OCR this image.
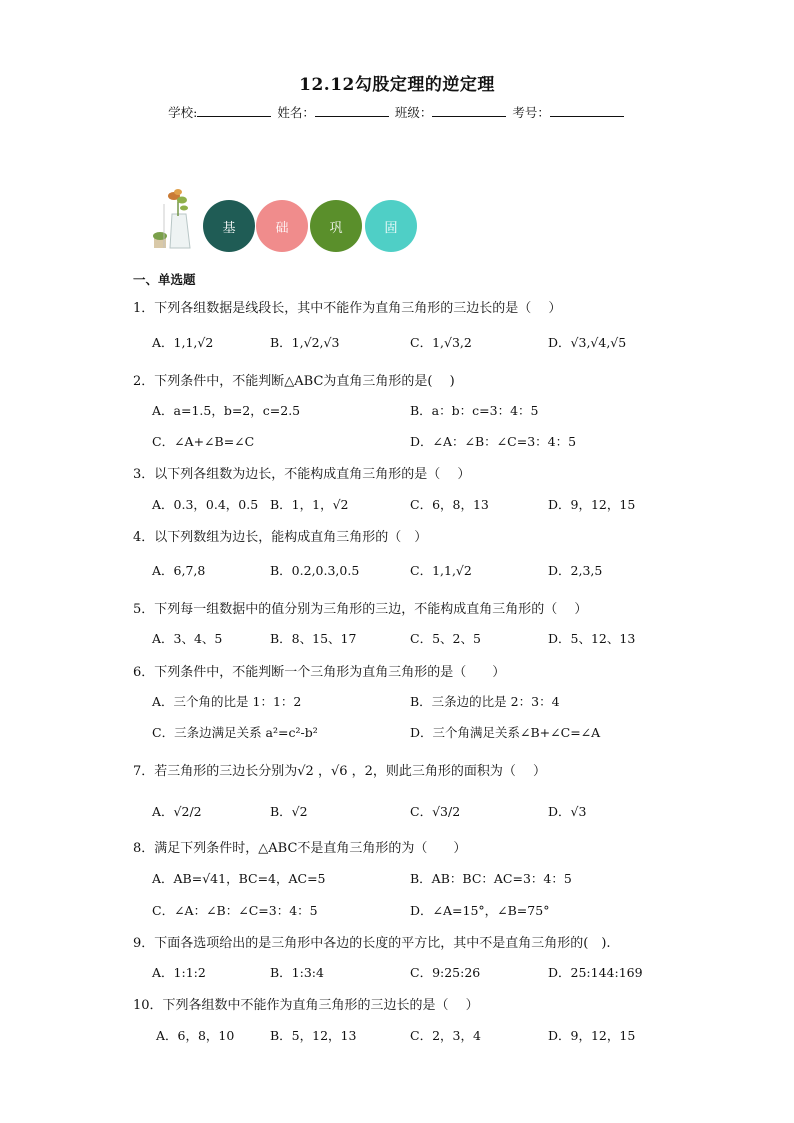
12.12勾股定理的逆定理
学校:	姓名：	班级：	考号：
基	础	巩	固
一、单选题
1．下列各组数据是线段长，其中不能作为直角三角形的三边长的是（　 ）
A．1,1,√2	B．1,√2,√3	C．1,√3,2	D．√3,√4,√5
2．下列条件中，不能判断△ABC为直角三角形的是(　 )
A．a=1.5，b=2，c=2.5	B．a：b：c=3：4：5
C．∠A+∠B=∠C	D．∠A：∠B：∠C=3：4：5
3．以下列各组数为边长，不能构成直角三角形的是（　 ）
A．0.3，0.4，0.5 B．1，1，√2	C．6，8，13	D．9，12，15
4．以下列数组为边长，能构成直角三角形的（　）
A．6,7,8	B．0.2,0.3,0.5	C．1,1,√2	D．2,3,5
5．下列每一组数据中的值分别为三角形的三边，不能构成直角三角形的（　 ）
A．3、4、5	B．8、15、17	C．5、2、5	D．5、12、13
6．下列条件中，不能判断一个三角形为直角三角形的是（　　）
A．三个角的比是 1：1：2	B．三条边的比是 2：3：4
C．三条边满足关系 a²=c²-b²	D．三个角满足关系∠B+∠C=∠A
7．若三角形的三边长分别为√2 ，√6 ，2，则此三角形的面积为（　 ）
A．√2/2	B．√2	C．√3/2	D．√3
8．满足下列条件时，△ABC不是直角三角形的为（　　）
A．AB=√41，BC=4，AC=5	B．AB：BC：AC=3：4：5
C．∠A：∠B：∠C=3：4：5	D．∠A=15°，∠B=75°
9．下面各选项给出的是三角形中各边的长度的平方比，其中不是直角三角形的(　).
A．1:1:2	B．1:3:4	C．9:25:26	D．25:144:169
10．下列各组数中不能作为直角三角形的三边长的是（　 ）
A．6，8，10	B．5，12，13	C．2，3，4	D．9，12，15
